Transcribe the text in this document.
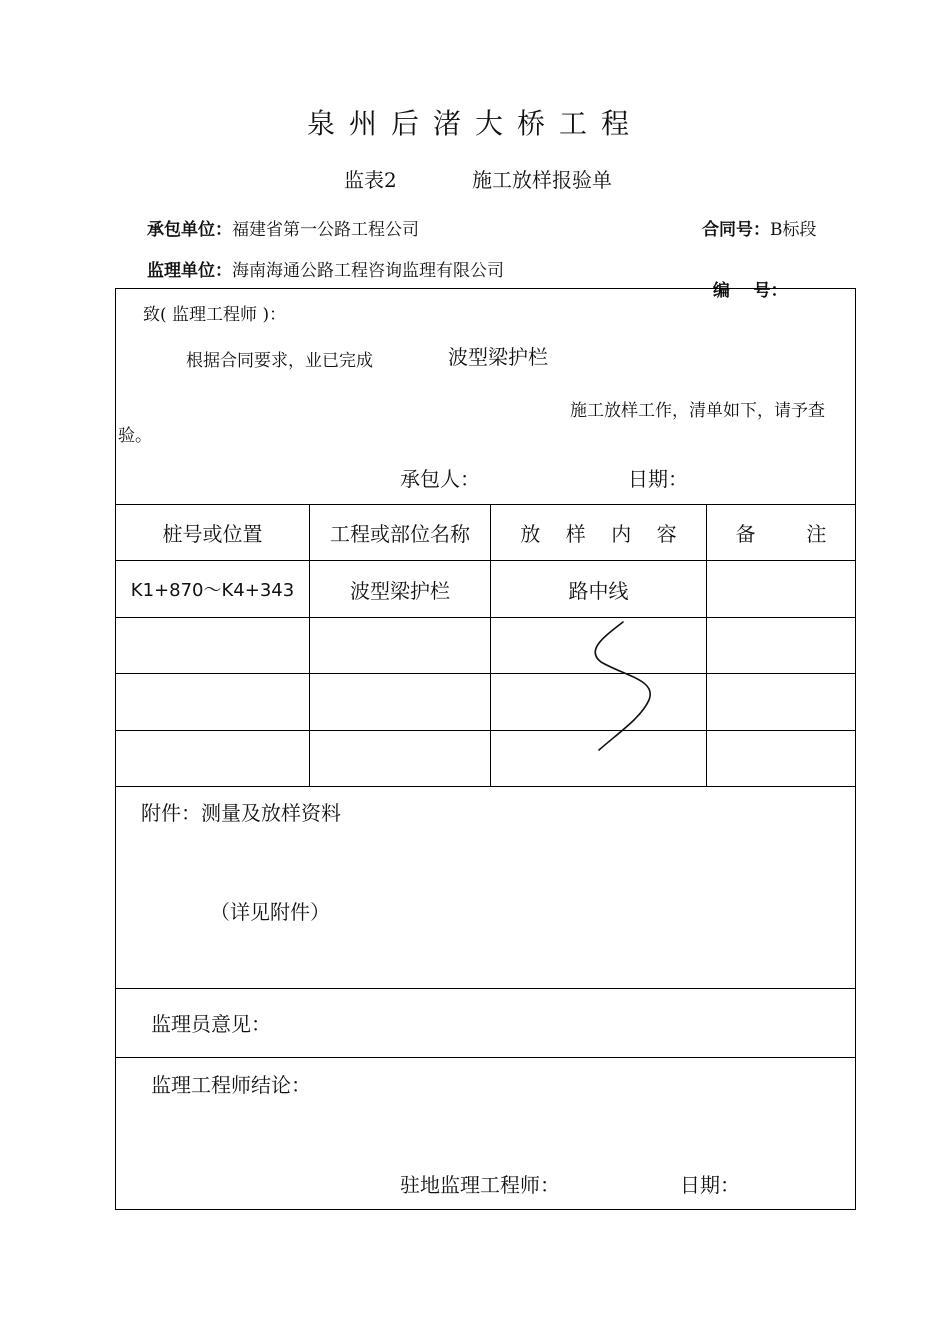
泉州后渚大桥工程
监表2	施工放样报验单
承包单位：福建省第一公路工程公司	合同号：B标段
监理单位：海南海通公路工程咨询监理有限公司

编    号：

致( 监理工程师 )：
根据合同要求，业已完成	波型梁护栏
施工放样工作，清单如下，请予查
验。
承包人：	日期：
桩号或位置	工程或部位名称	放    样    内    容	备        注
K1+870～K4+343	波型梁护栏	路中线
附件：测量及放样资料
（详见附件）
监理员意见：
监理工程师结论：
驻地监理工程师：	日期：
